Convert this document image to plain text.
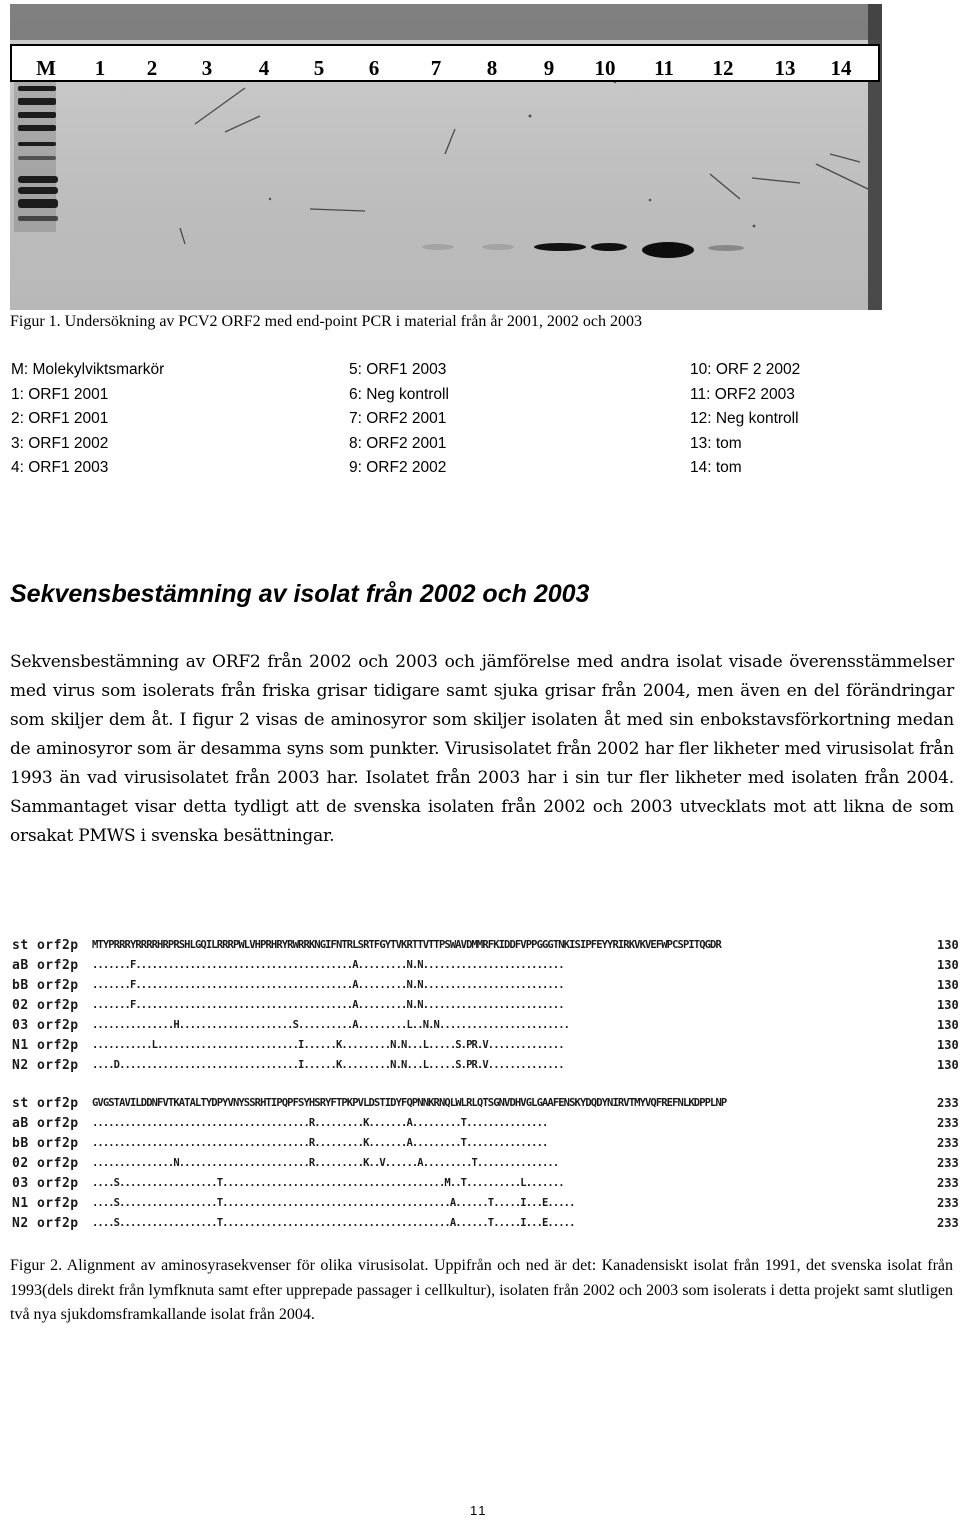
M 1 2 3 4 5 6 7 8 9 10 11 12 13 14
Figur 1. Undersökning av PCV2 ORF2 med end-point PCR i material från år 2001, 2002 och 2003
M: Molekylviktsmarkör
1: ORF1 2001
2: ORF1 2001
3: ORF1 2002
4: ORF1 2003
5: ORF1 2003
6: Neg kontroll
7: ORF2 2001
8: ORF2 2001
9: ORF2 2002
10: ORF 2 2002
11: ORF2 2003
12: Neg kontroll
13: tom
14: tom
Sekvensbestämning av isolat från 2002 och 2003
Sekvensbestämning av ORF2 från 2002 och 2003 och jämförelse med andra isolat visade överensstämmelser med virus som isolerats från friska grisar tidigare samt sjuka grisar från 2004, men även en del förändringar som skiljer dem åt. I figur 2 visas de aminosyror som skiljer isolaten åt med sin enbokstavsförkortning medan de aminosyror som är desamma syns som punkter. Virusisolatet från 2002 har fler likheter med virusisolat från 1993 än vad virusisolatet från 2003 har. Isolatet från 2003 har i sin tur fler likheter med isolaten från 2004. Sammantaget visar detta tydligt att de svenska isolaten från 2002 och 2003 utvecklats mot att likna de som orsakat PMWS i svenska besättningar.
st orf2p MTYPRRRYRRRRHRPRSHLGQILRRRPWLVHPRHRYRWRRKNGIFNTRLSRTFGYTVKRTTVTTPSWAVDMMRFKIDDFVPPGGGTNKISIPFEYYRIRKVKVEFWPCSPITQGDR	130
aB orf2p .......F........................................A.........N.N..........................	130
bB orf2p .......F........................................A.........N.N..........................	130
02 orf2p .......F........................................A.........N.N..........................	130
03 orf2p ...............H.....................S..........A.........L..N.N........................	130
N1 orf2p ...........L..........................I......K.........N.N...L.....S.PR.V..............	130
N2 orf2p ....D.................................I......K.........N.N...L.....S.PR.V..............	130
st orf2p GVGSTAVILDDNFVTKATALTYDPYVNYSSRHTIPQPFSYHSRYFTPKPVLDSTIDYFQPNNKRNQLWLRLQTSGNVDHVGLGAAFENSKYDQDYNIRVTMYVQFREFNLKDPPLNP	233
aB orf2p ........................................R.........K.......A.........T...............	233
bB orf2p ........................................R.........K.......A.........T...............	233
02 orf2p ...............N........................R.........K..V......A.........T...............	233
03 orf2p ....S..................T.........................................M..T..........L.......	233
N1 orf2p ....S..................T..........................................A......T.....I...E.....	233
N2 orf2p ....S..................T..........................................A......T.....I...E.....	233
Figur 2. Alignment av aminosyrasekvenser för olika virusisolat. Uppifrån och ned är det: Kanadensiskt isolat från 1991, det svenska isolat från 1993(dels direkt från lymfknuta samt efter upprepade passager i cellkultur), isolaten från 2002 och 2003 som isolerats i detta projekt samt slutligen två nya sjukdomsframkallande isolat från 2004.
11
